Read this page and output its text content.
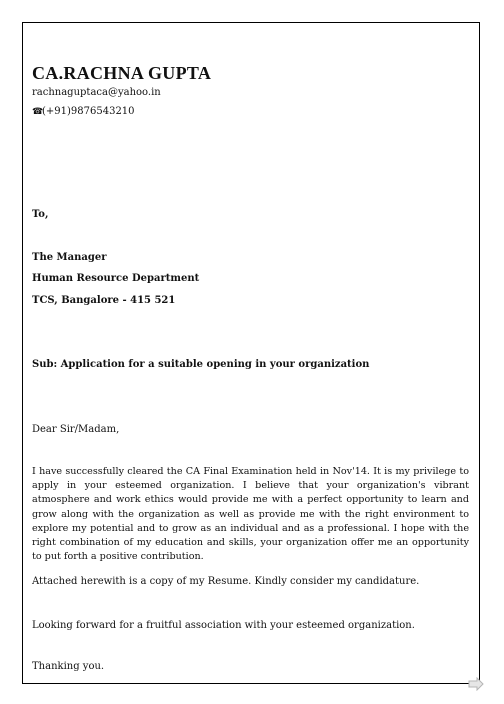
CA.RACHNA GUPTA
rachnaguptaca@yahoo.in
☎(+91)9876543210
To,
The Manager
Human Resource Department
TCS, Bangalore - 415 521
Sub: Application for a suitable opening in your organization
Dear Sir/Madam,
I have successfully cleared the CA Final Examination held in Nov'14. It is my privilege to apply in your esteemed organization. I believe that your organization's vibrant atmosphere and work ethics would provide me with a perfect opportunity to learn and grow along with the organization as well as provide me with the right environment to explore my potential and to grow as an individual and as a professional. I hope with the right combination of my education and skills, your organization offer me an opportunity to put forth a positive contribution.
Attached herewith is a copy of my Resume. Kindly consider my candidature.
Looking forward for a fruitful association with your esteemed organization.
Thanking you.
